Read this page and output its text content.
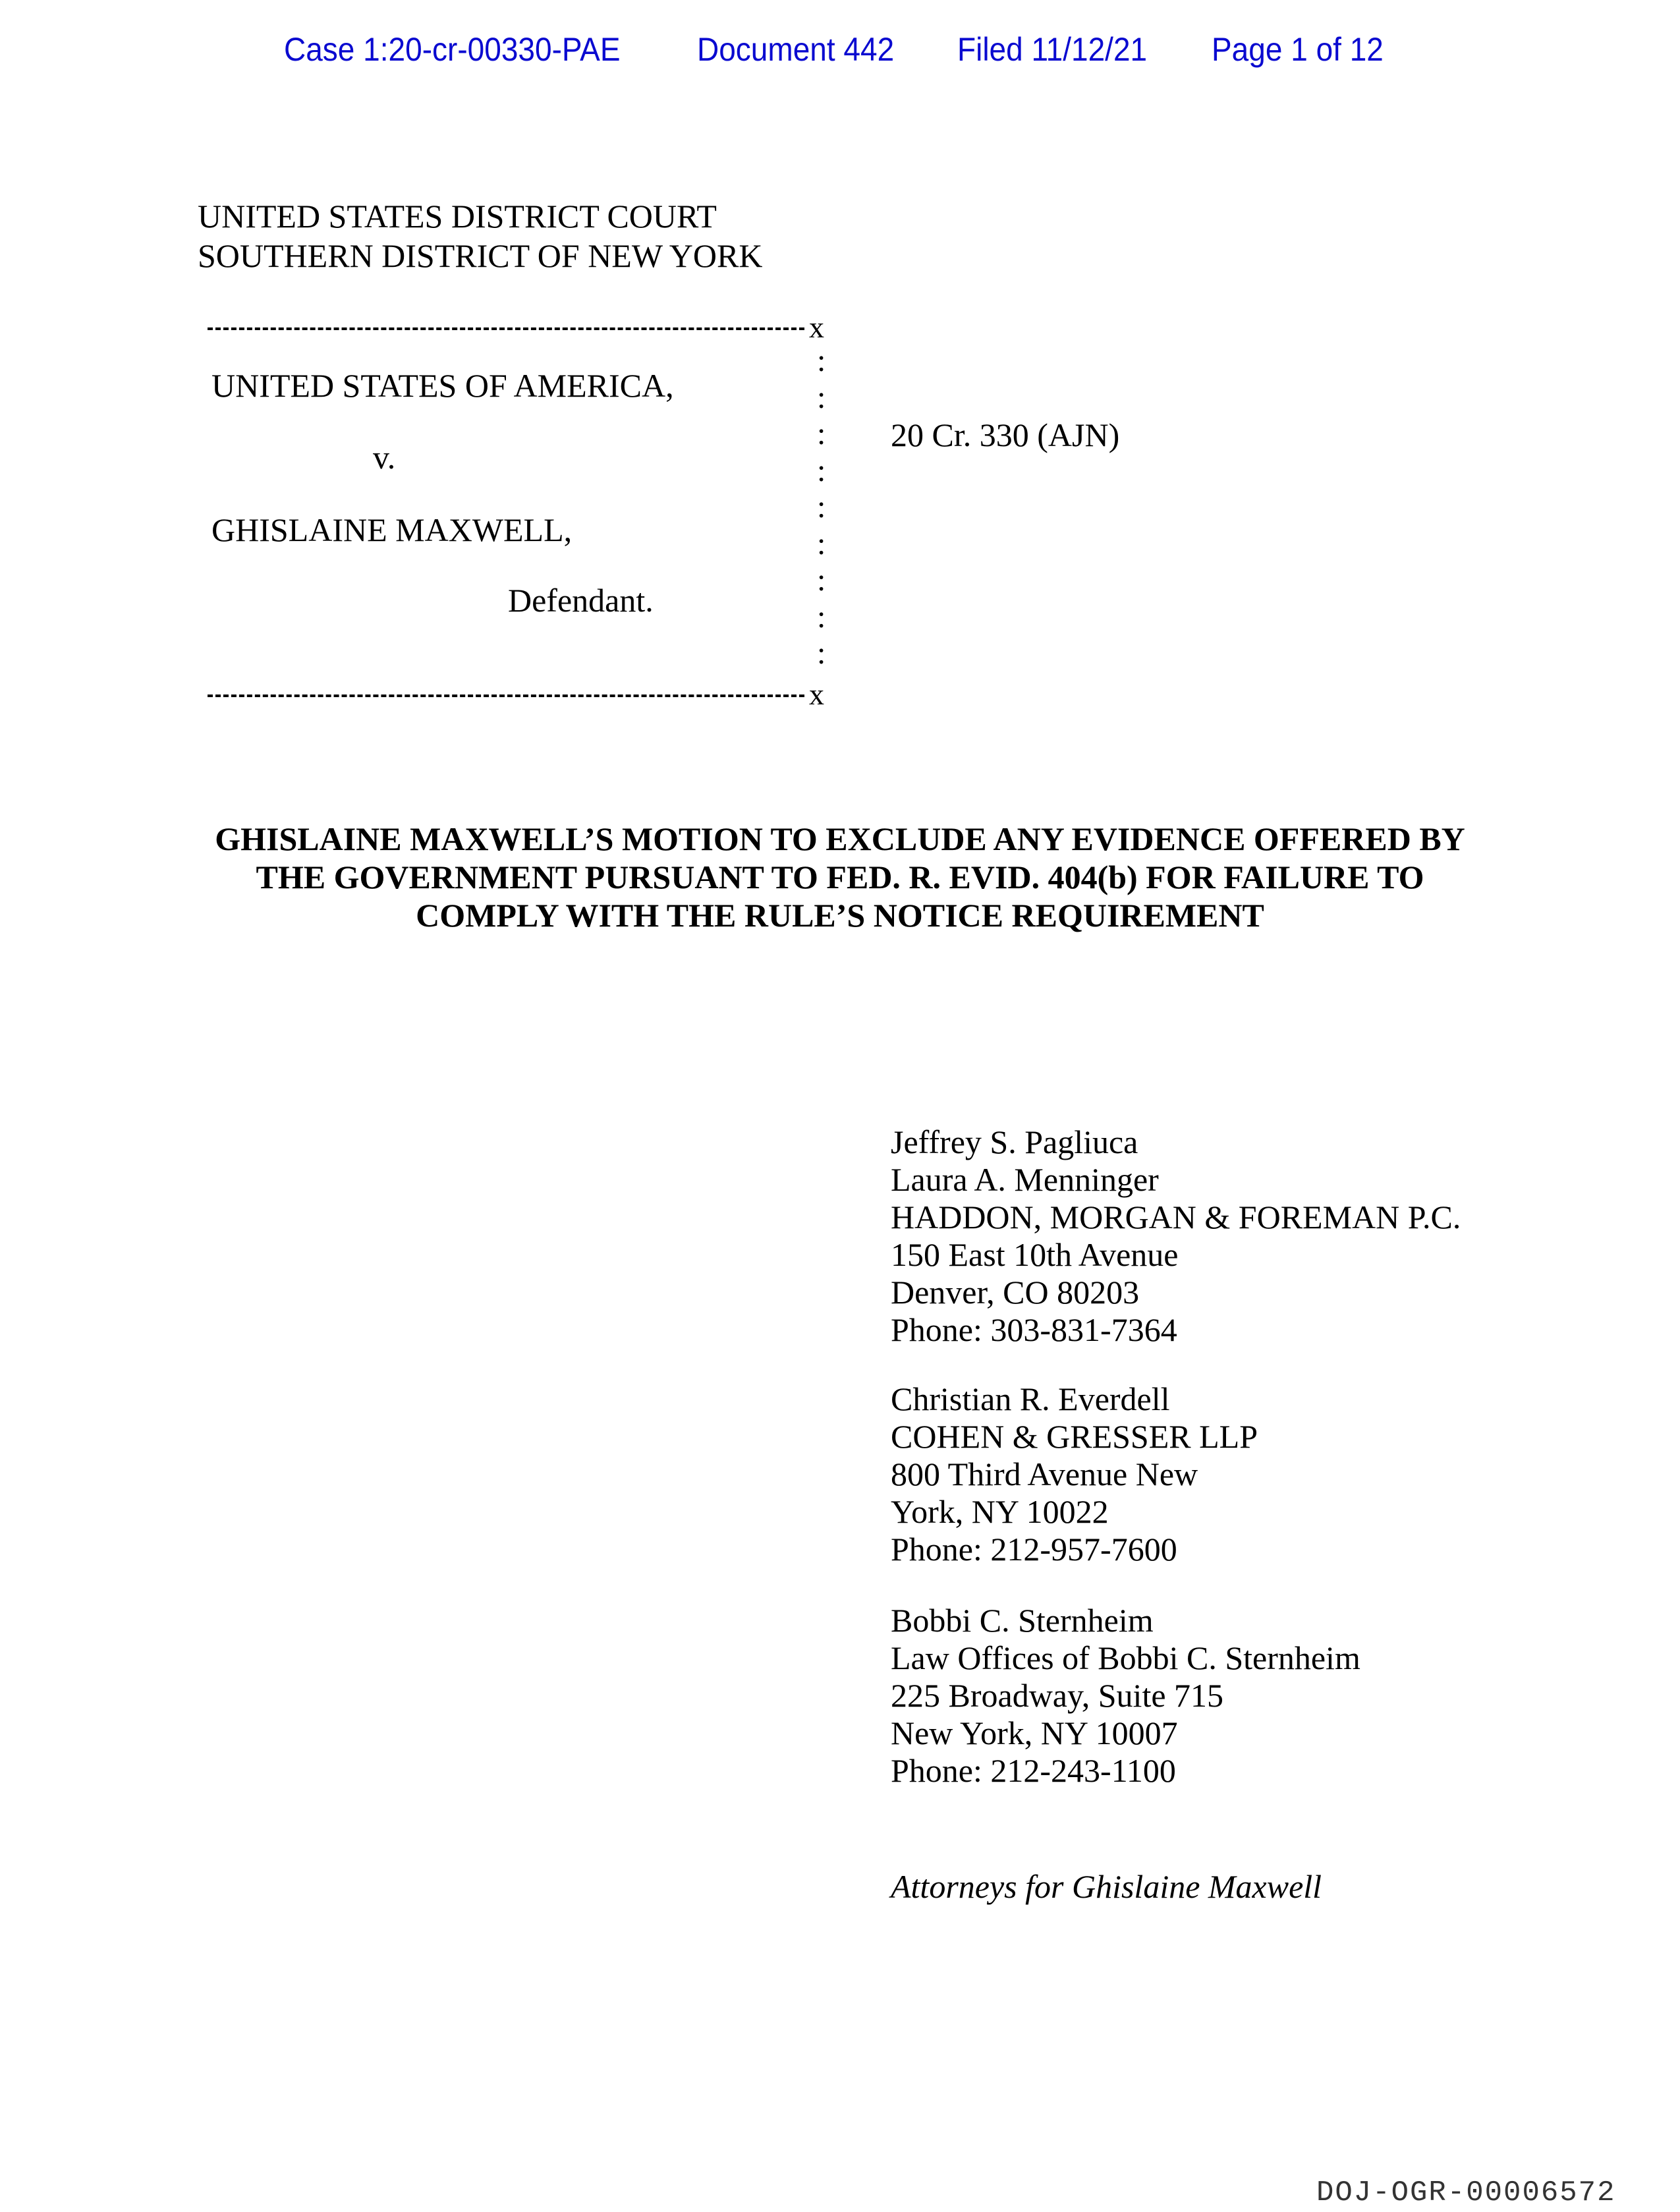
Case 1:20-cr-00330-PAE Document 442 Filed 11/12/21 Page 1 of 12
UNITED STATES DISTRICT COURT
SOUTHERN DISTRICT OF NEW YORK
x
:
:
:
:
:
:
:
:
:
UNITED STATES OF AMERICA,
v.
GHISLAINE MAXWELL,
Defendant.
x
20 Cr. 330 (AJN)
GHISLAINE MAXWELL’S MOTION TO EXCLUDE ANY EVIDENCE OFFERED BY
THE GOVERNMENT PURSUANT TO FED. R. EVID. 404(b) FOR FAILURE TO
COMPLY WITH THE RULE’S NOTICE REQUIREMENT
Jeffrey S. Pagliuca
Laura A. Menninger
HADDON, MORGAN & FOREMAN P.C.
150 East 10th Avenue
Denver, CO 80203
Phone: 303-831-7364
Christian R. Everdell
COHEN & GRESSER LLP
800 Third Avenue New
York, NY 10022
Phone: 212-957-7600
Bobbi C. Sternheim
Law Offices of Bobbi C. Sternheim
225 Broadway, Suite 715
New York, NY 10007
Phone: 212-243-1100
Attorneys for Ghislaine Maxwell
DOJ-OGR-00006572
